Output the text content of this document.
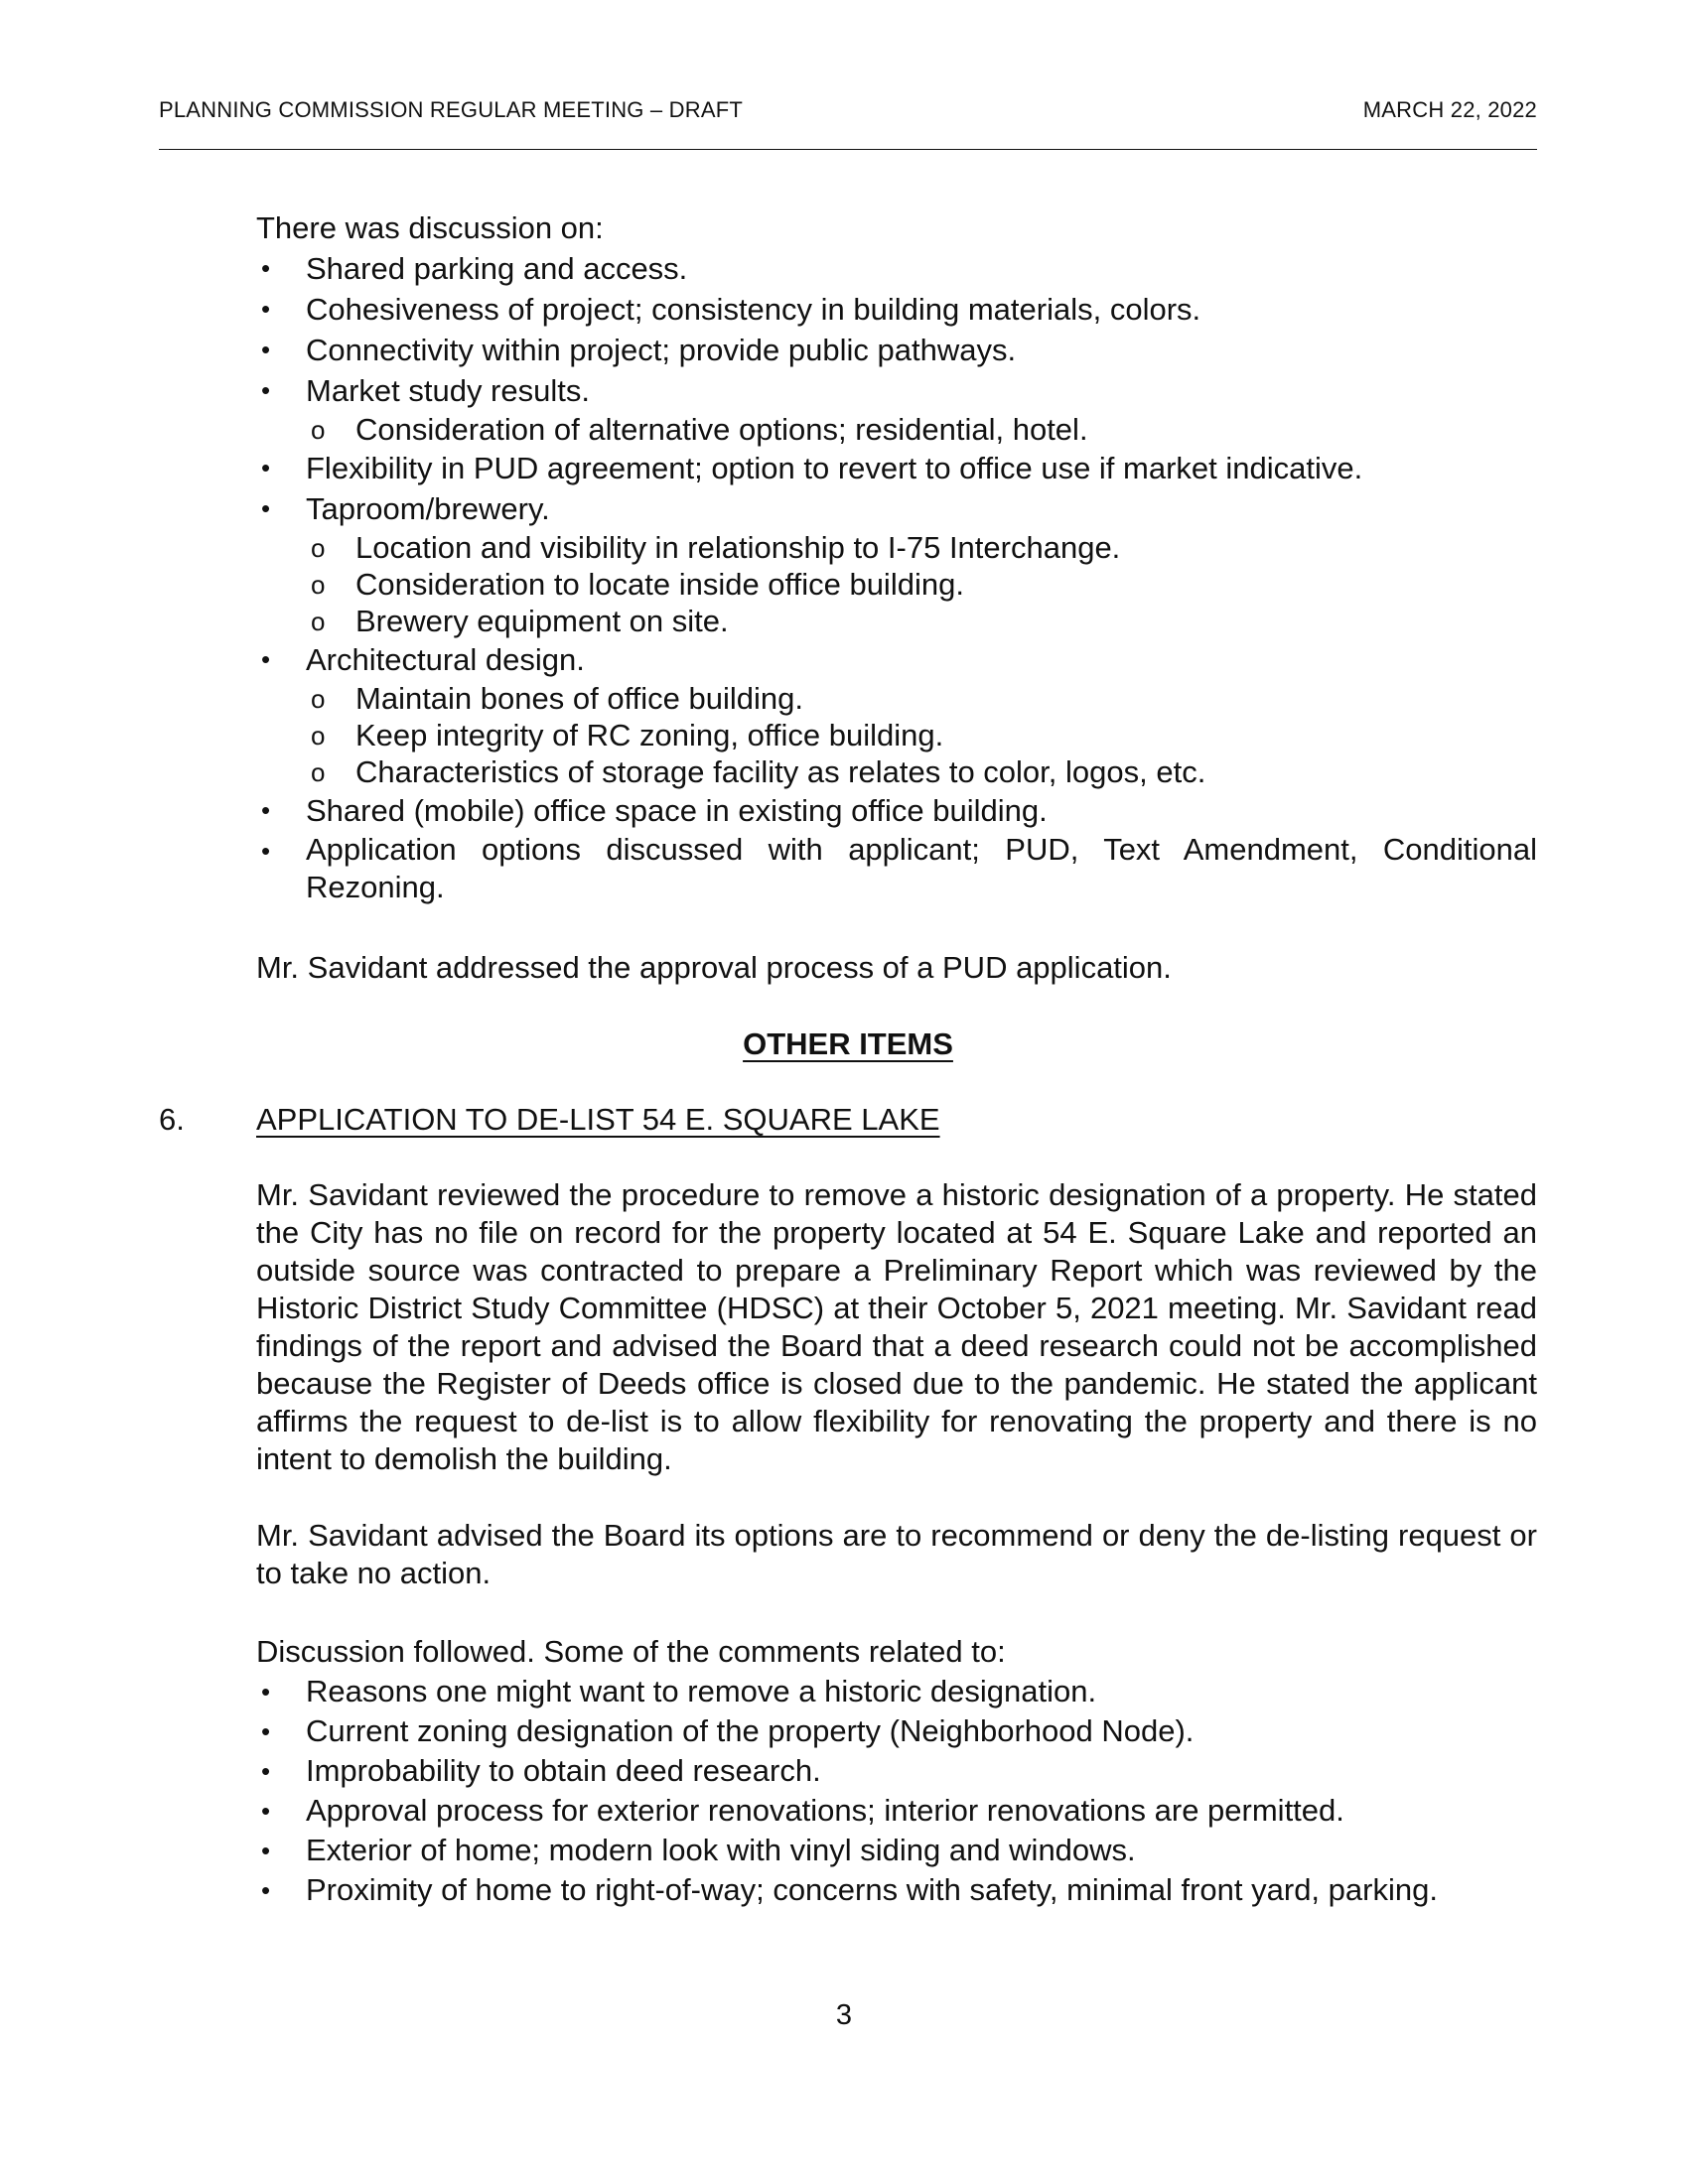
PLANNING COMMISSION REGULAR MEETING – DRAFT	MARCH 22, 2022
There was discussion on:
• Shared parking and access.
• Cohesiveness of project; consistency in building materials, colors.
• Connectivity within project; provide public pathways.
• Market study results.
o Consideration of alternative options; residential, hotel.
• Flexibility in PUD agreement; option to revert to office use if market indicative.
• Taproom/brewery.
o Location and visibility in relationship to I-75 Interchange.
o Consideration to locate inside office building.
o Brewery equipment on site.
• Architectural design.
o Maintain bones of office building.
o Keep integrity of RC zoning, office building.
o Characteristics of storage facility as relates to color, logos, etc.
• Shared (mobile) office space in existing office building.
• Application options discussed with applicant; PUD, Text Amendment, Conditional Rezoning.
Mr. Savidant addressed the approval process of a PUD application.
OTHER ITEMS
6. APPLICATION TO DE-LIST 54 E. SQUARE LAKE
Mr. Savidant reviewed the procedure to remove a historic designation of a property. He stated the City has no file on record for the property located at 54 E. Square Lake and reported an outside source was contracted to prepare a Preliminary Report which was reviewed by the Historic District Study Committee (HDSC) at their October 5, 2021 meeting. Mr. Savidant read findings of the report and advised the Board that a deed research could not be accomplished because the Register of Deeds office is closed due to the pandemic. He stated the applicant affirms the request to de-list is to allow flexibility for renovating the property and there is no intent to demolish the building.
Mr. Savidant advised the Board its options are to recommend or deny the de-listing request or to take no action.
Discussion followed. Some of the comments related to:
• Reasons one might want to remove a historic designation.
• Current zoning designation of the property (Neighborhood Node).
• Improbability to obtain deed research.
• Approval process for exterior renovations; interior renovations are permitted.
• Exterior of home; modern look with vinyl siding and windows.
• Proximity of home to right-of-way; concerns with safety, minimal front yard, parking.
3
